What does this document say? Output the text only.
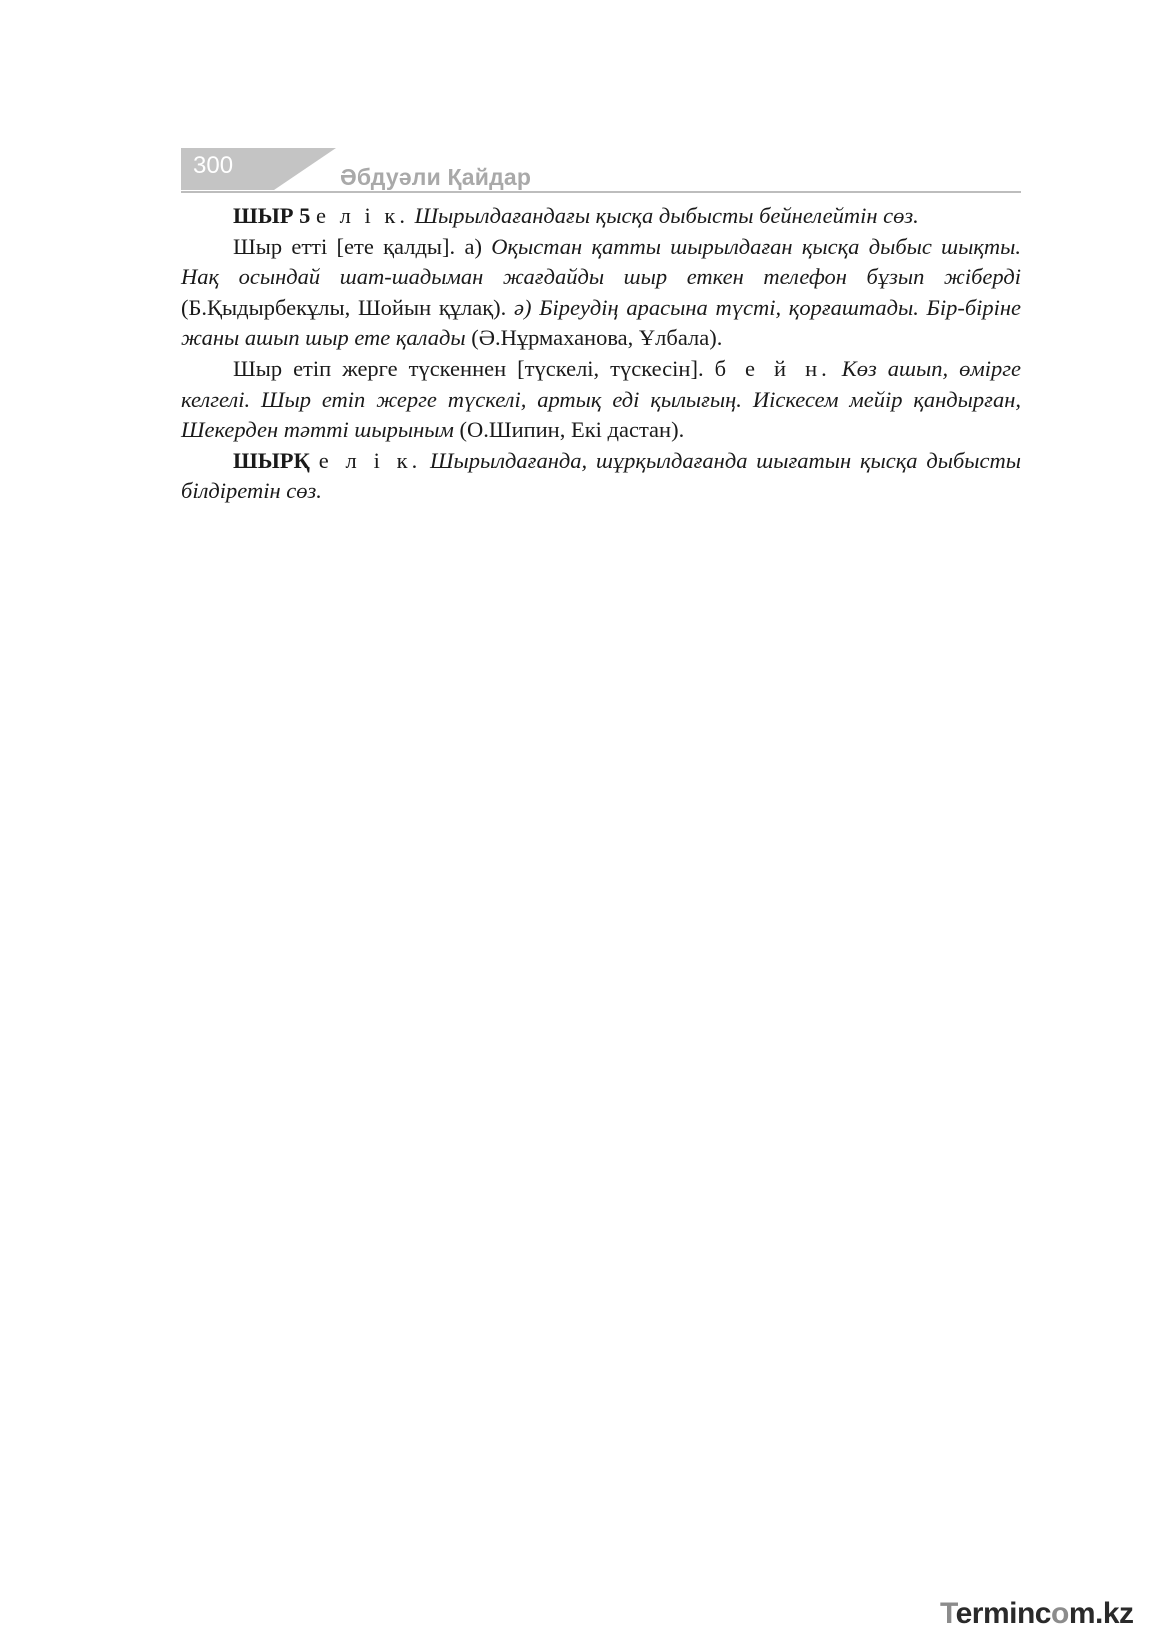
300	Әбдуәли Қайдар

ШЫР 5 е л і к. Шырылдағандағы қысқа дыбысты бейнелейтін сөз.

Шыр етті [ете қалды]. а) Оқыстан қатты шырылдаған қысқа дыбыс шықты. Нақ осындай шат-шадыман жағдайды шыр еткен телефон бұзып жіберді (Б.Қыдырбекұлы, Шойын құлақ). ә) Біреудің арасына түсті, қорғаштады. Бір-біріне жаны ашып шыр ете қалады (Ә.Нұрмаханова, Ұлбала).

Шыр етіп жерге түскеннен [түскелі, түскесін]. б е й н. Көз ашып, өмірге келгелі. Шыр етіп жерге түскелі, артық еді қылығың. Иіскесем мейір қандырған, Шекерден тәтті шырыным (О.Шипин, Екі дастан).

ШЫРҚ е л і к. Шырылдағанда, шұрқылдағанда шығатын қысқа дыбысты білдіретін сөз.

Termincom.kz
